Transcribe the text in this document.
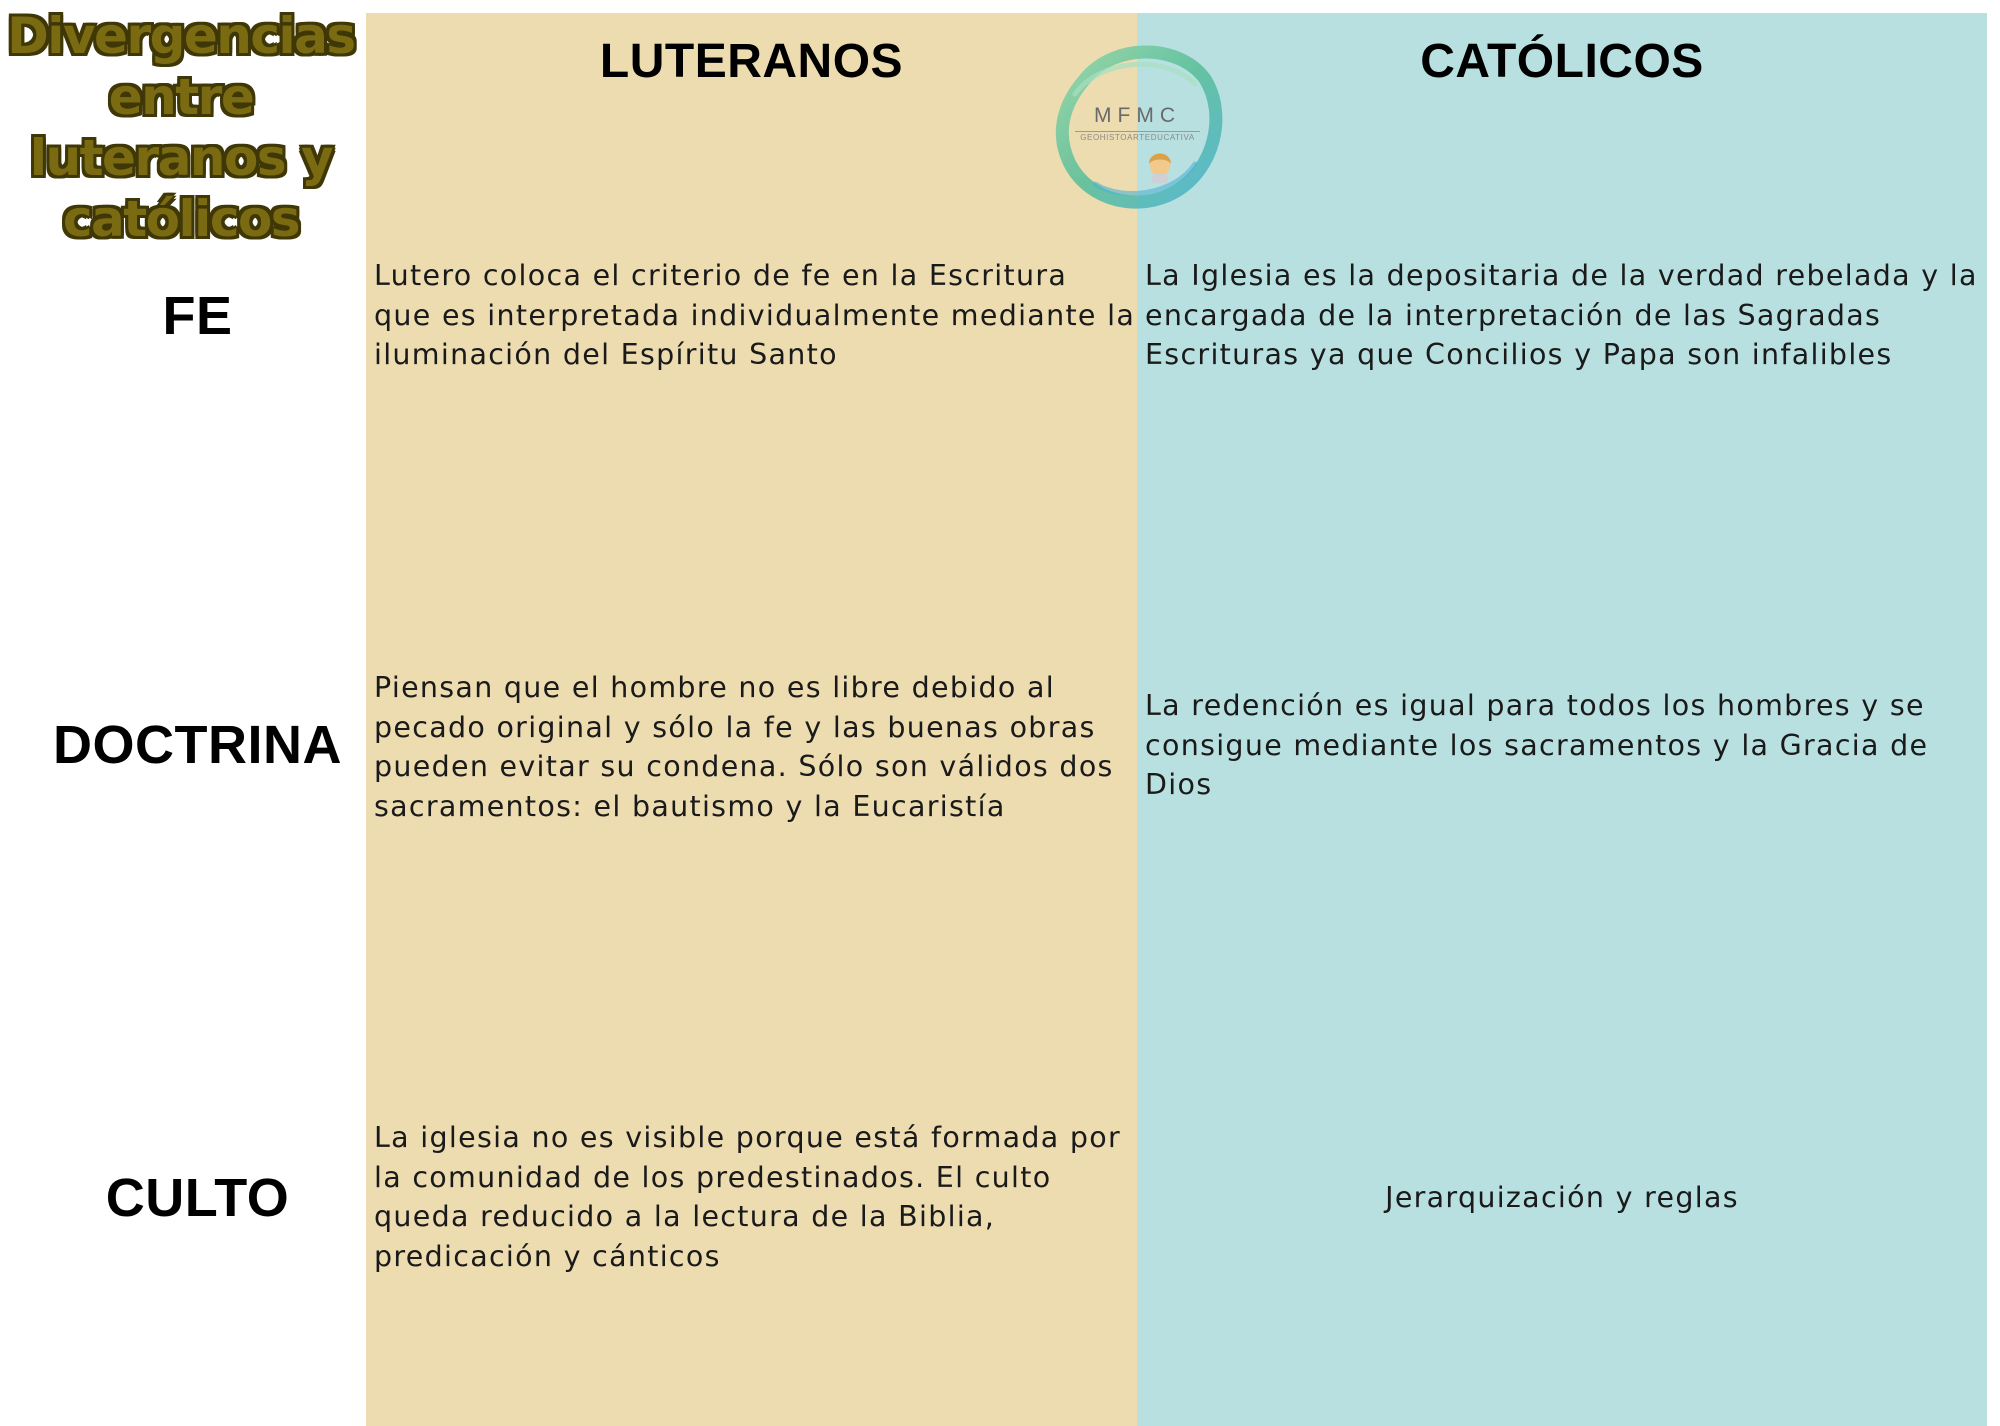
Divergencias
entre
luteranos y
católicos
LUTERANOS	CATÓLICOS
MFMC
GEOHISTOARTEDUCATIVA
FE
DOCTRINA
CULTO
Lutero coloca el criterio de fe en la Escritura
que es interpretada individualmente mediante la
iluminación del Espíritu Santo
La Iglesia es la depositaria de la verdad rebelada y la
encargada de la interpretación de las Sagradas
Escrituras ya que Concilios y Papa son infalibles
Piensan que el hombre no es libre debido al
pecado original y sólo la fe y las buenas obras
pueden evitar su condena. Sólo son válidos dos
sacramentos: el bautismo y la Eucaristía
La redención es igual para todos los hombres y se
consigue mediante los sacramentos y la Gracia de
Dios
La iglesia no es visible porque está formada por
la comunidad de los predestinados. El culto
queda reducido a la lectura de la Biblia,
predicación y cánticos
Jerarquización y reglas
